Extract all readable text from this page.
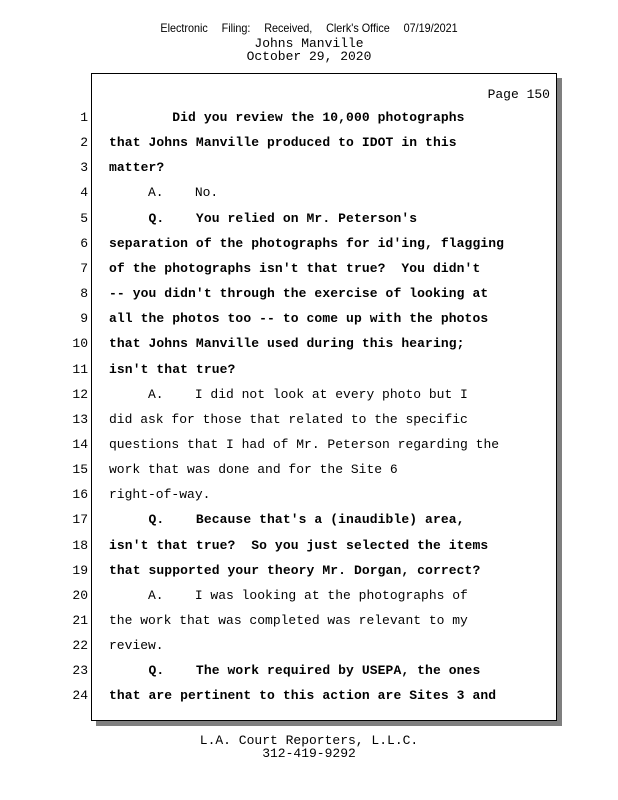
Electronic Filing: Received, Clerk's Office 07/19/2021
Johns Manville
October 29, 2020
Page 150
1 Did you review the 10,000 photographs
2 that Johns Manville produced to IDOT in this
3 matter?
4 A.    No.
5 Q.    You relied on Mr. Peterson's
6 separation of the photographs for id'ing, flagging
7 of the photographs isn't that true?  You didn't
8 -- you didn't through the exercise of looking at
9 all the photos too -- to come up with the photos
10 that Johns Manville used during this hearing;
11 isn't that true?
12 A.    I did not look at every photo but I
13 did ask for those that related to the specific
14 questions that I had of Mr. Peterson regarding the
15 work that was done and for the Site 6
16 right-of-way.
17 Q.    Because that's a (inaudible) area,
18 isn't that true?  So you just selected the items
19 that supported your theory Mr. Dorgan, correct?
20 A.    I was looking at the photographs of
21 the work that was completed was relevant to my
22 review.
23 Q.    The work required by USEPA, the ones
24 that are pertinent to this action are Sites 3 and
L.A. Court Reporters, L.L.C.
312-419-9292
